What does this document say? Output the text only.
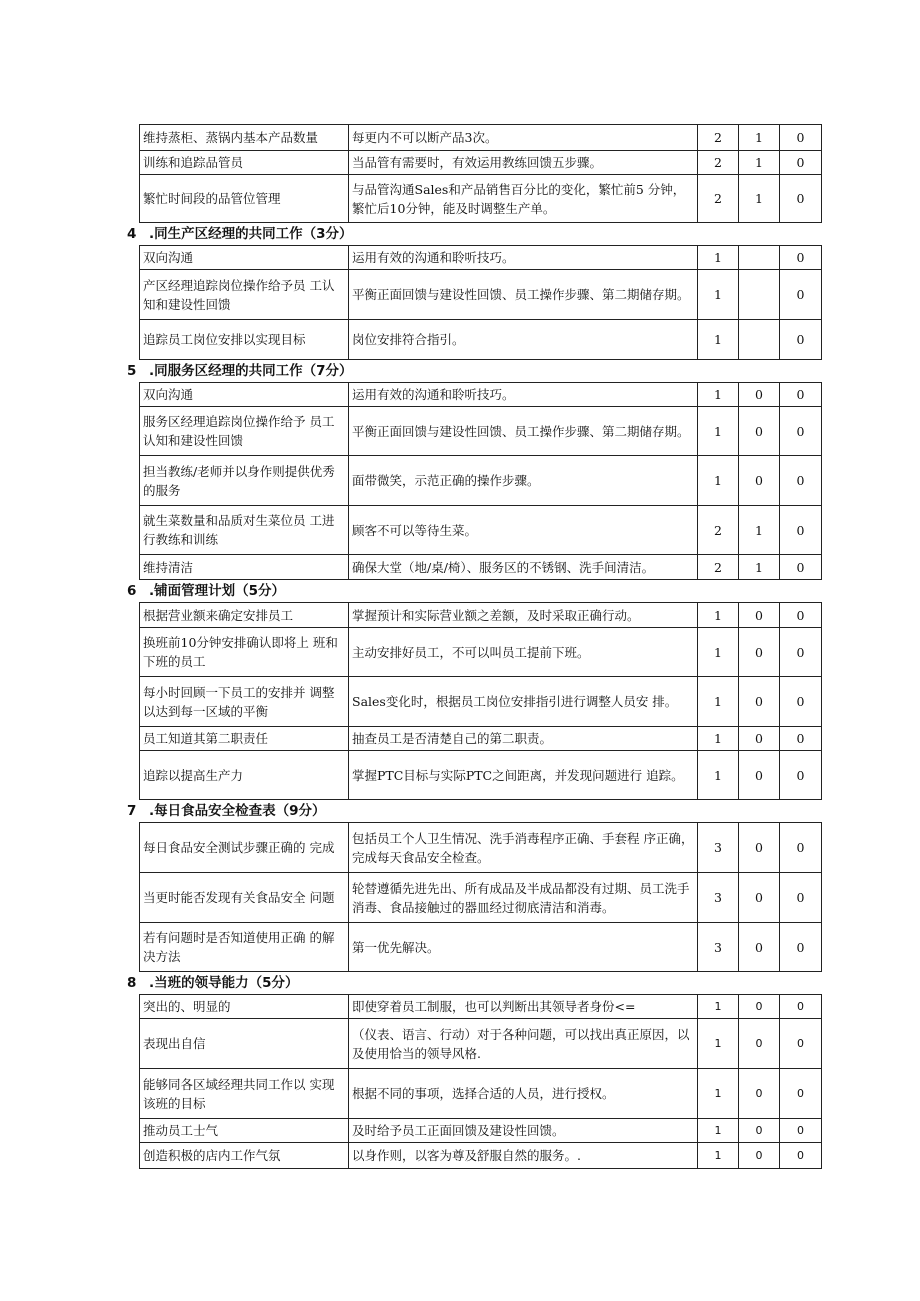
维持蒸柜、蒸锅内基本产品数量	每更内不可以断产品3次。	2	1	0
训练和追踪品管员	当品管有需要时，有效运用教练回馈五步骤。	2	1	0
繁忙时间段的品管位管理	与品管沟通Sales和产品销售百分比的变化，繁忙前5 分钟，繁忙后10分钟，能及时调整生产单。	2	1	0
4 .同生产区经理的共同工作（3分）
双向沟通	运用有效的沟通和聆听技巧。	1		0
产区经理追踪岗位操作给予员 工认知和建设性回馈	平衡正面回馈与建设性回馈、员工操作步骤、第二期储存期。	1		0
追踪员工岗位安排以实现目标	岗位安排符合指引。	1		0
5 .同服务区经理的共同工作（7分）
双向沟通	运用有效的沟通和聆听技巧。	1	0	0
服务区经理追踪岗位操作给予 员工认知和建设性回馈	平衡正面回馈与建设性回馈、员工操作步骤、第二期储存期。	1	0	0
担当教练/老师并以身作则提供优秀的服务	面带微笑，示范正确的操作步骤。	1	0	0
就生菜数量和品质对生菜位员 工进行教练和训练	顾客不可以等待生菜。	2	1	0
维持清洁	确保大堂（地/桌/椅）、服务区的不锈钢、洗手间清洁。	2	1	0
6 .铺面管理计划（5分）
根据营业额来确定安排员工	掌握预计和实际营业额之差额，及时采取正确行动。	1	0	0
换班前10分钟安排确认即将上 班和下班的员工	主动安排好员工，不可以叫员工提前下班。	1	0	0
每小时回顾一下员工的安排并 调整以达到每一区域的平衡	Sales变化时，根据员工岗位安排指引进行调整人员安 排。	1	0	0
员工知道其第二职责任	抽查员工是否清楚自己的第二职责。	1	0	0
追踪以提高生产力	掌握PTC目标与实际PTC之间距离，并发现问题进行 追踪。	1	0	0
7 .每日食品安全检查表（9分）
每日食品安全测试步骤正确的 完成	包括员工个人卫生情况、洗手消毒程序正确、手套程 序正确，完成每天食品安全检查。	3	0	0
当更时能否发现有关食品安全 问题	轮替遵循先进先出、所有成品及半成品都没有过期、员工洗手消毒、食品接触过的器皿经过彻底清洁和消毒。	3	0	0
若有问题时是否知道使用正确 的解决方法	第一优先解决。	3	0	0
8 .当班的领导能力（5分）
突出的、明显的	即使穿着员工制服，也可以判断出其领导者身份<=	1	0	0
表现出自信	（仪表、语言、行动）对于各种问题，可以找出真正原因，以及使用恰当的领导风格.	1	0	0
能够同各区域经理共同工作以 实现该班的目标	根据不同的事项，选择合适的人员，进行授权。	1	0	0
推动员工士气	及时给予员工正面回馈及建设性回馈。	1	0	0
创造积极的店内工作气氛	以身作则，以客为尊及舒服自然的服务。.	1	0	0
